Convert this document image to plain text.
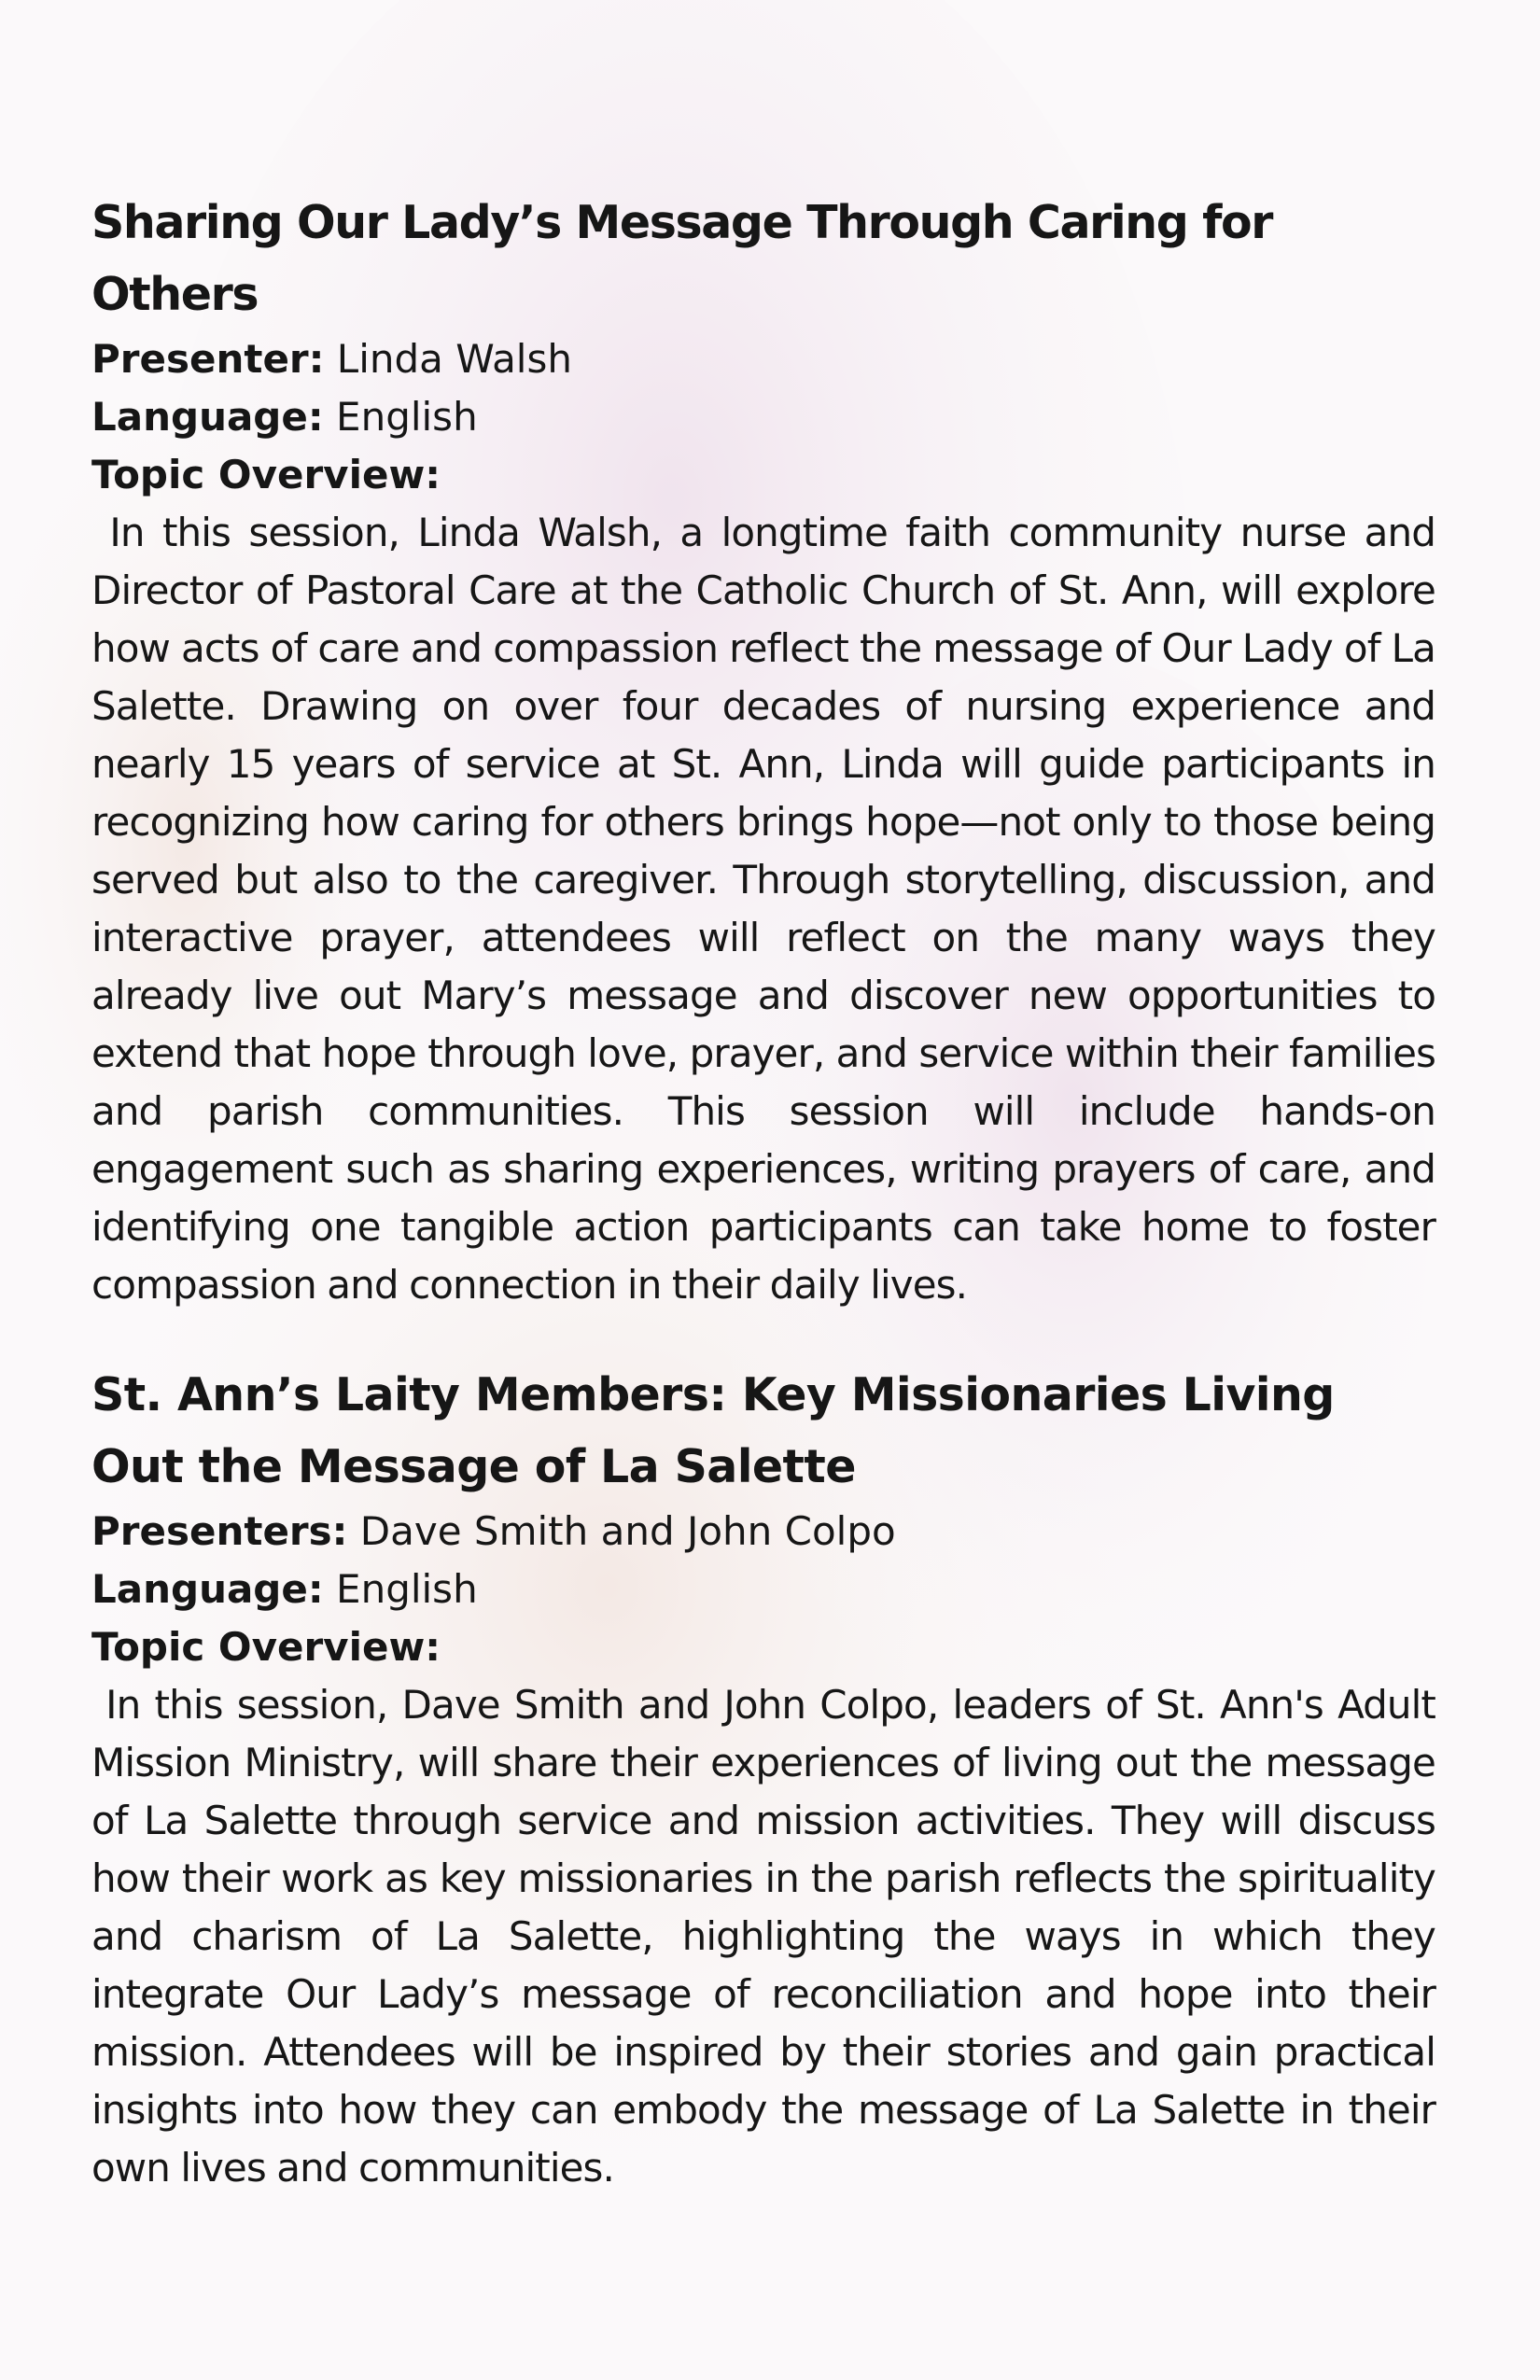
Sharing Our Lady’s Message Through Caring for Others

Presenter: Linda Walsh

Language: English

Topic Overview:

In this session, Linda Walsh, a longtime faith community nurse and Director of Pastoral Care at the Catholic Church of St. Ann, will explore how acts of care and compassion reflect the message of Our Lady of La Salette. Drawing on over four decades of nursing experience and nearly 15 years of service at St. Ann, Linda will guide participants in recognizing how caring for others brings hope—not only to those being served but also to the caregiver. Through storytelling, discussion, and interactive prayer, attendees will reflect on the many ways they already live out Mary’s message and discover new opportunities to extend that hope through love, prayer, and service within their families and parish communities. This session will include hands-on engagement such as sharing experiences, writing prayers of care, and identifying one tangible action participants can take home to foster compassion and connection in their daily lives.

St. Ann’s Laity Members: Key Missionaries Living Out the Message of La Salette

Presenters: Dave Smith and John Colpo

Language: English

Topic Overview:

In this session, Dave Smith and John Colpo, leaders of St. Ann's Adult Mission Ministry, will share their experiences of living out the message of La Salette through service and mission activities. They will discuss how their work as key missionaries in the parish reflects the spirituality and charism of La Salette, highlighting the ways in which they integrate Our Lady’s message of reconciliation and hope into their mission. Attendees will be inspired by their stories and gain practical insights into how they can embody the message of La Salette in their own lives and communities.
